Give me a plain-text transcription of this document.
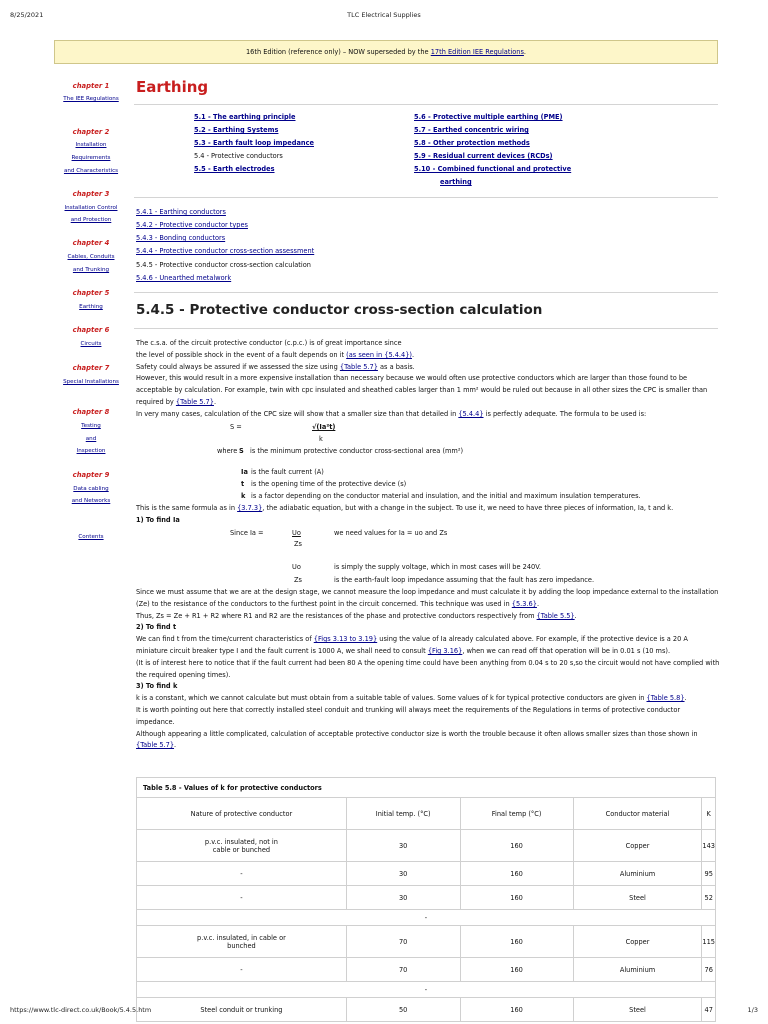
8/25/2021	TLC Electrical Supplies
16th Edition (reference only) – NOW superseded by the 17th Edition IEE Regulations.
chapter 1
The IEE Regulations
chapter 2
Installation
Requirements
and Characteristics
chapter 3
Installation Control
and Protection
chapter 4
Cables, Conduits
and Trunking
chapter 5
Earthing
chapter 6
Circuits
chapter 7
Special Installations
chapter 8
Testing
and
Inspection
chapter 9
Data cabling
and Networks
Contents
Earthing
5.1 - The earthing principle
5.2 - Earthing Systems
5.3 - Earth fault loop impedance
5.4 - Protective conductors
5.5 - Earth electrodes
5.6 - Protective multiple earthing (PME)
5.7 - Earthed concentric wiring
5.8 - Other protection methods
5.9 - Residual current devices (RCDs)
5.10 - Combined functional and protective
earthing
5.4.1 - Earthing conductors
5.4.2 - Protective conductor types
5.4.3 - Bonding conductors
5.4.4 - Protective conductor cross-section assessment
5.4.5 - Protective conductor cross-section calculation
5.4.6 - Unearthed metalwork
5.4.5 - Protective conductor cross-section calculation

The c.s.a. of the circuit protective conductor (c.p.c.) is of great importance since

the level of possible shock in the event of a fault depends on it (as seen in {5.4.4}).

Safety could always be assured if we assessed the size using {Table 5.7} as a basis.

However, this would result in a more expensive installation than necessary because we would often use protective conductors which are larger than those found to be acceptable by calculation. For example, twin with cpc insulated and sheathed cables larger than 1 mm² would be ruled out because in all other sizes the CPC is smaller than required by {Table 5.7}.

In very many cases, calculation of the CPC size will show that a smaller size than that detailed in {5.4.4} is perfectly adequate. The formula to be used is:

S =	√(Ia²t)
k
where S is the minimum protective conductor cross-sectional area (mm²)
Ia is the fault current (A)
t is the opening time of the protective device (s)
k is a factor depending on the conductor material and insulation, and the initial and maximum insulation temperatures.
This is the same formula as in {3.7.3}, the adiabatic equation, but with a change in the subject. To use it, we need to have three pieces of information, Ia, t and k.
1) To find Ia
Since Ia =	Uo
Zs
we need values for Ia = uo and Zs
Uo	is simply the supply voltage, which in most cases will be 240V.
Zs	is the earth-fault loop impedance assuming that the fault has zero impedance.

Since we must assume that we are at the design stage, we cannot measure the loop impedance and must calculate it by adding the loop impedance external to the installation (Ze) to the resistance of the conductors to the furthest point in the circuit concerned. This technique was used in {5.3.6}.

Thus, Zs = Ze + R1 + R2 where R1 and R2 are the resistances of the phase and protective conductors respectively from {Table 5.5}.

2) To find t

We can find t from the time/current characteristics of {Figs 3.13 to 3.19} using the value of Ia already calculated above. For example, if the protective device is a 20 A miniature circuit breaker type I and the fault current is 1000 A, we shall need to consult {Fig 3.16}, when we can read off that operation will be in 0.01 s (10 ms).

(It is of interest here to notice that if the fault current had been 80 A the opening time could have been anything from 0.04 s to 20 s,so the circuit would not have complied with the required opening times).

3) To find k

k is a constant, which we cannot calculate but must obtain from a suitable table of values. Some values of k for typical protective conductors are given in {Table 5.8}.

It is worth pointing out here that correctly installed steel conduit and trunking will always meet the requirements of the Regulations in terms of protective conductor impedance.

Although appearing a little complicated, calculation of acceptable protective conductor size is worth the trouble because it often allows smaller sizes than those shown in {Table 5.7}.

Table 5.8 - Values of k for protective conductors				
Nature of protective conductor	Initial temp. (°C)	Final temp (°C)	Conductor material	K
p.v.c. insulated, not in cable or bunched	30	160	Copper	143
-	30	160	Aluminium	95
-	30	160	Steel	52
-				
p.v.c. insulated, in cable or bunched	70	160	Copper	115
-	70	160	Aluminium	76
-				
Steel conduit or trunking	50	160	Steel	47
https://www.tlc-direct.co.uk/Book/5.4.5.htm	1/3
